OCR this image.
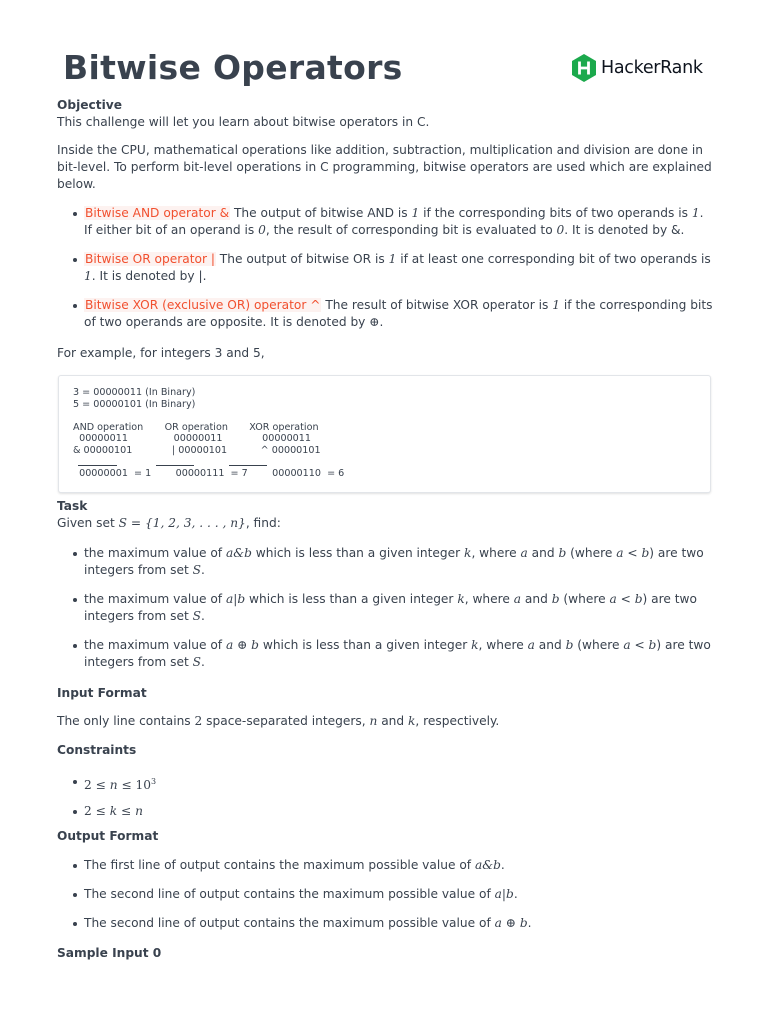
Bitwise Operators	HackerRank
Objective

This challenge will let you learn about bitwise operators in C.

Inside the CPU, mathematical operations like addition, subtraction, multiplication and division are done in bit-level. To perform bit-level operations in C programming, bitwise operators are used which are explained below.

Bitwise AND operator & The output of bitwise AND is 1 if the corresponding bits of two operands is 1. If either bit of an operand is 0, the result of corresponding bit is evaluated to 0. It is denoted by &.
Bitwise OR operator | The output of bitwise OR is 1 if at least one corresponding bit of two operands is 1. It is denoted by |.
Bitwise XOR (exclusive OR) operator ^ The result of bitwise XOR operator is 1 if the corresponding bits of two operands are opposite. It is denoted by ⊕.

For example, for integers 3 and 5,

3 = 00000011 (In Binary)
5 = 00000101 (In Binary)

AND operation       OR operation       XOR operation
00000011               00000011             00000011
& 00000101             | 00000101           ^ 00000101

00000001  = 1        00000111  = 7        00000110  = 6
Task

Given set S = {1, 2, 3, . . . , n}, find:

the maximum value of a&b which is less than a given integer k, where a and b (where a < b) are two integers from set S.
the maximum value of a|b which is less than a given integer k, where a and b (where a < b) are two integers from set S.
the maximum value of a ⊕ b which is less than a given integer k, where a and b (where a < b) are two integers from set S.
Input Format

The only line contains 2 space-separated integers, n and k, respectively.

Constraints
$2 \le n \le 10^3$
2 ≤ k ≤ n
Output Format
The first line of output contains the maximum possible value of a&b.
The second line of output contains the maximum possible value of a|b.
The second line of output contains the maximum possible value of a ⊕ b.
Sample Input 0
